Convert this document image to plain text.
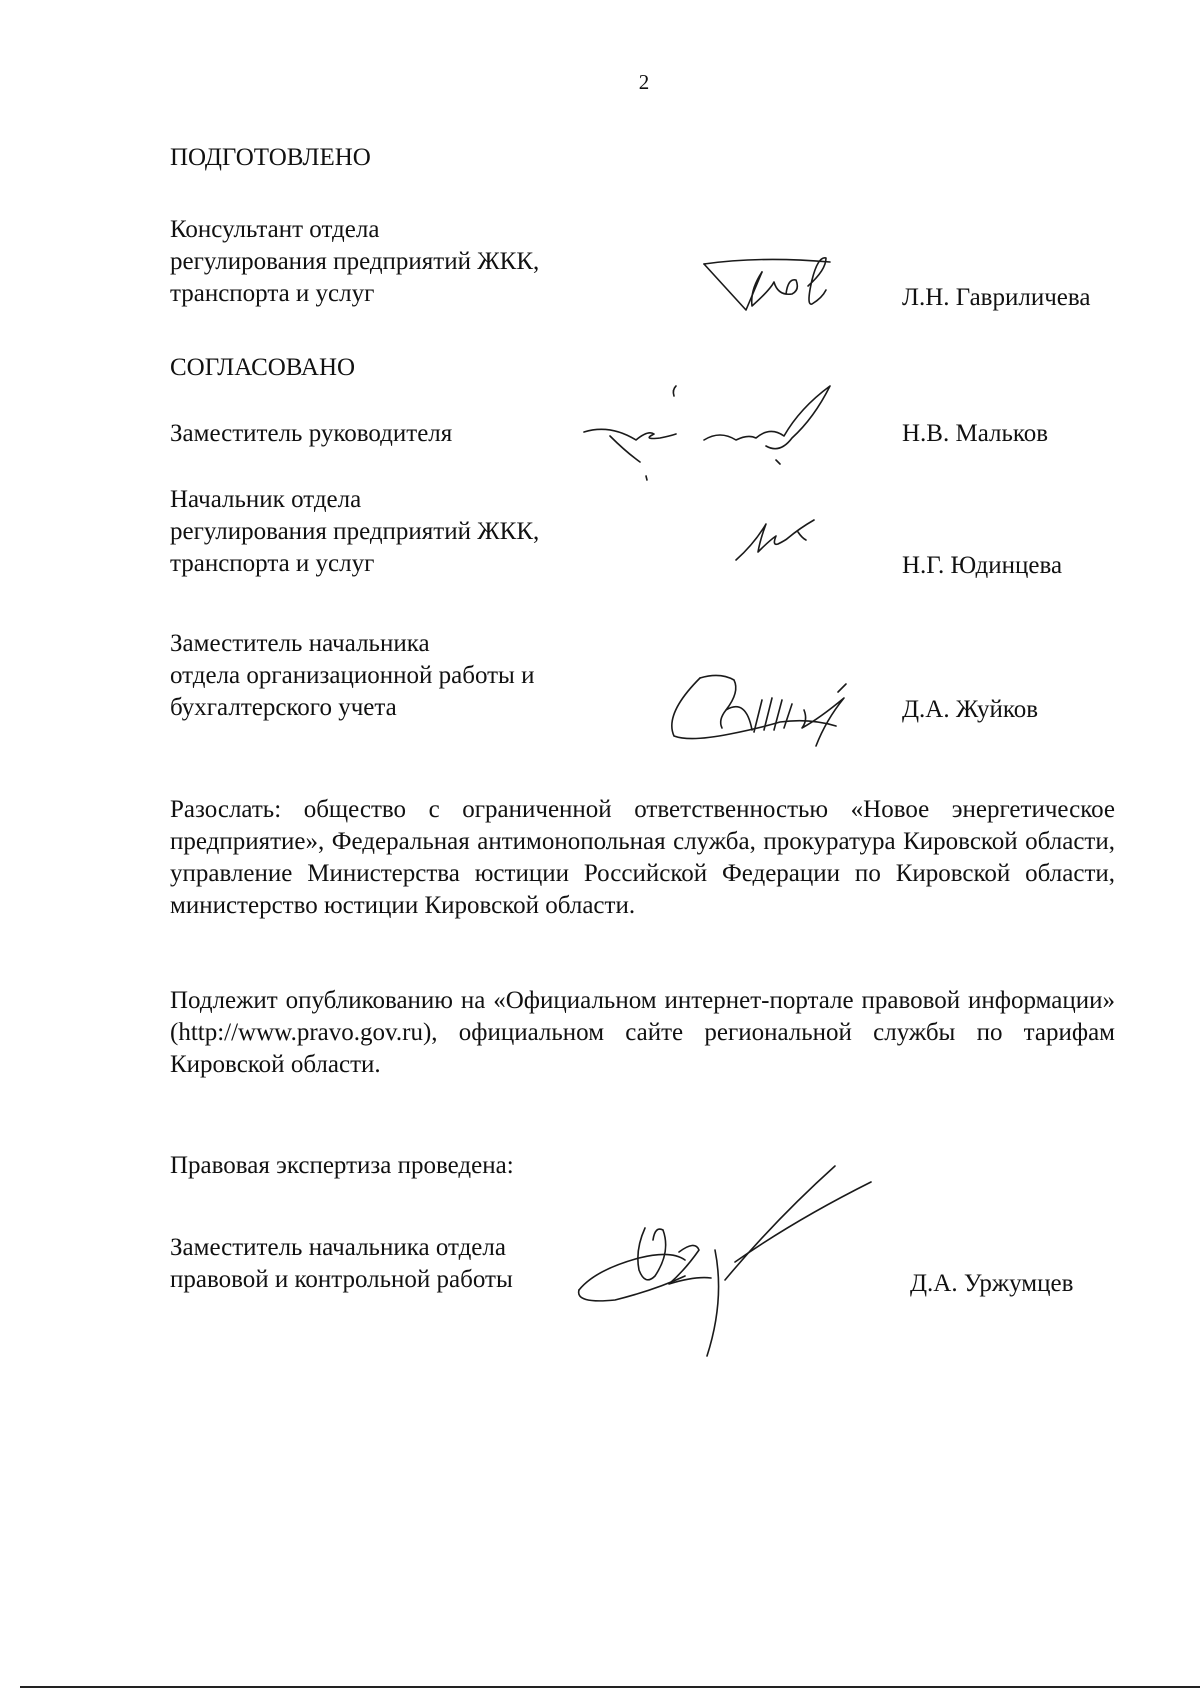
2
ПОДГОТОВЛЕНО
Консультант отдела
регулирования предприятий ЖКК,
транспорта и услуг	Л.Н. Гавриличева
СОГЛАСОВАНО
Заместитель руководителя	Н.В. Мальков
Начальник отдела
регулирования предприятий ЖКК,
транспорта и услуг	Н.Г. Юдинцева
Заместитель начальника
отдела организационной работы и
бухгалтерского учета	Д.А. Жуйков
Разослать: общество с ограниченной ответственностью «Новое энергетическое предприятие», Федеральная антимонопольная служба, прокуратура Кировской области, управление Министерства юстиции Российской Федерации по Кировской области, министерство юстиции Кировской области.
Подлежит опубликованию на «Официальном интернет-портале правовой информации» (http://www.pravo.gov.ru), официальном сайте региональной службы по тарифам Кировской области.
Правовая экспертиза проведена:
Заместитель начальника отдела
правовой и контрольной работы	Д.А. Уржумцев
